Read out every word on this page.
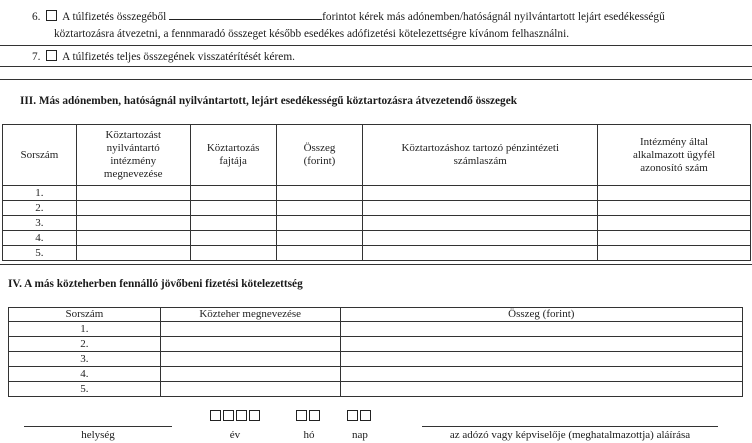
6. A túlfizetés összegéből	forintot kérek más adónemben/hatóságnál nyilvántartott lejárt esedékességű
köztartozásra átvezetni, a fennmaradó összeget később esedékes adófizetési kötelezettségre kívánom felhasználni.
7. A túlfizetés teljes összegének visszatérítését kérem.
III. Más adónemben, hatóságnál nyilvántartott, lejárt esedékességű köztartozásra átvezetendő összegek
Sorszám	Köztartozást nyilvántartó intézmény megnevezése	Köztartozás fajtája	Összeg (forint)	Köztartozáshoz tartozó pénzintézeti számlaszám	Intézmény által alkalmazott ügyfél azonosító szám

1.					
2.					
3.					
4.					
5.					
IV. A más közteherben fennálló jövőbeni fizetési kötelezettség
Sorszám	Közteher megnevezése	Összeg (forint)
1.		
2.		
3.		
4.		
5.		
helység	év	hó	nap	az adózó vagy képviselője (meghatalmazottja) aláírása
